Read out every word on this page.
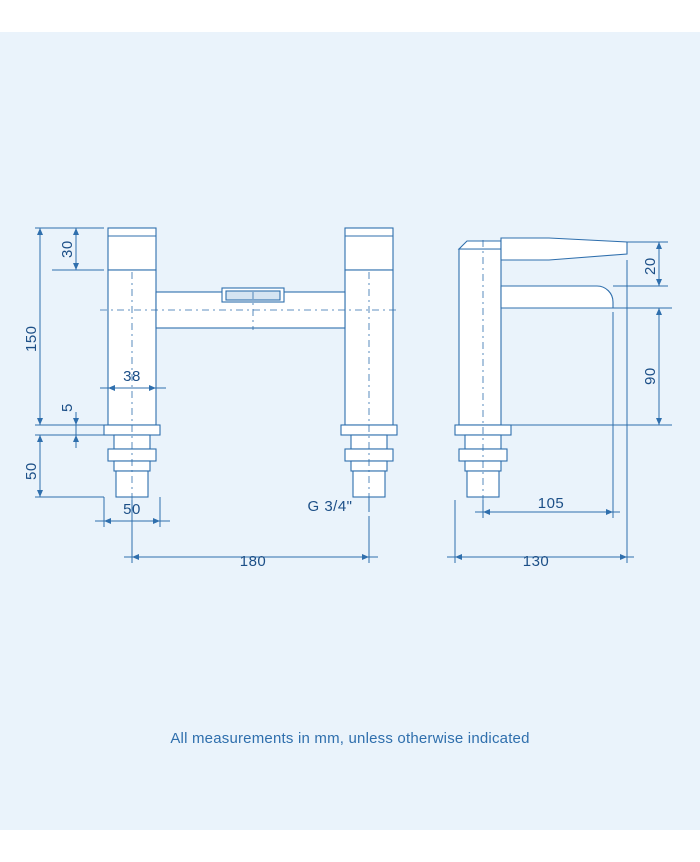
30
150
5
50
38
50	G 3/4"
180
20
90
105
130
All measurements in mm, unless otherwise indicated
